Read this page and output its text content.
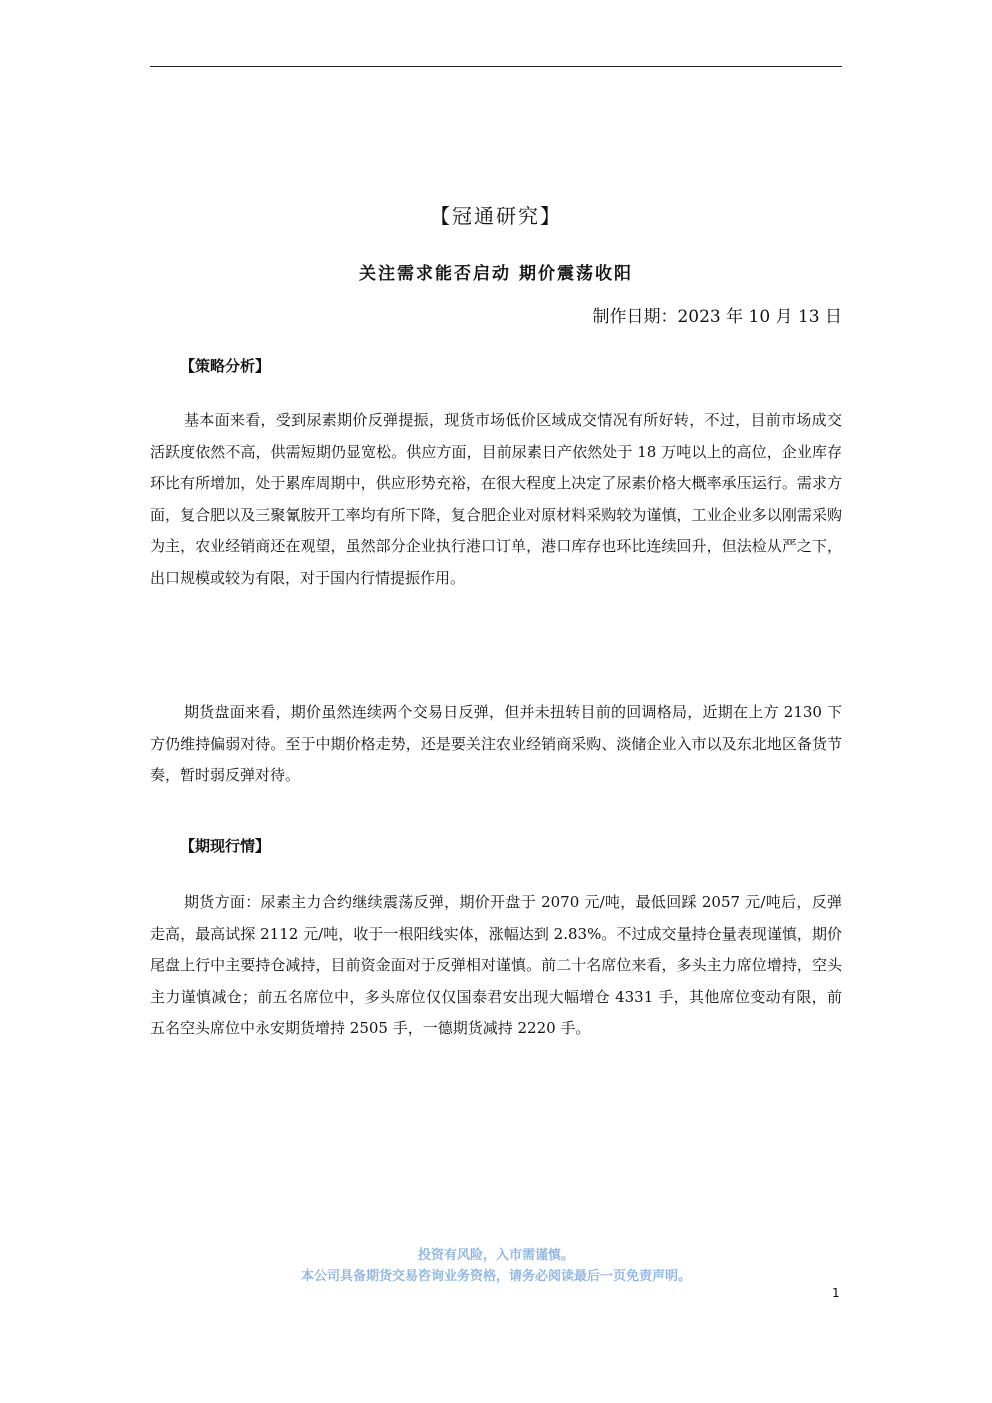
【冠通研究】
关注需求能否启动 期价震荡收阳
制作日期：2023 年 10 月 13 日
【策略分析】
基本面来看，受到尿素期价反弹提振，现货市场低价区域成交情况有所好转，不过，目前市场成交活跃度依然不高，供需短期仍显宽松。供应方面，目前尿素日产依然处于 18 万吨以上的高位，企业库存环比有所增加，处于累库周期中，供应形势充裕，在很大程度上决定了尿素价格大概率承压运行。需求方面，复合肥以及三聚氰胺开工率均有所下降，复合肥企业对原材料采购较为谨慎，工业企业多以刚需采购为主，农业经销商还在观望，虽然部分企业执行港口订单，港口库存也环比连续回升，但法检从严之下，出口规模或较为有限，对于国内行情提振作用。
期货盘面来看，期价虽然连续两个交易日反弹，但并未扭转目前的回调格局，近期在上方 2130 下方仍维持偏弱对待。至于中期价格走势，还是要关注农业经销商采购、淡储企业入市以及东北地区备货节奏，暂时弱反弹对待。
【期现行情】
期货方面：尿素主力合约继续震荡反弹，期价开盘于 2070 元/吨，最低回踩 2057 元/吨后，反弹走高，最高试探 2112 元/吨，收于一根阳线实体，涨幅达到 2.83%。不过成交量持仓量表现谨慎，期价尾盘上行中主要持仓减持，目前资金面对于反弹相对谨慎。前二十名席位来看，多头主力席位增持，空头主力谨慎减仓；前五名席位中，多头席位仅仅国泰君安出现大幅增仓 4331 手，其他席位变动有限，前五名空头席位中永安期货增持 2505 手，一德期货减持 2220 手。
投资有风险，入市需谨慎。
本公司具备期货交易咨询业务资格，请务必阅读最后一页免责声明。
1
